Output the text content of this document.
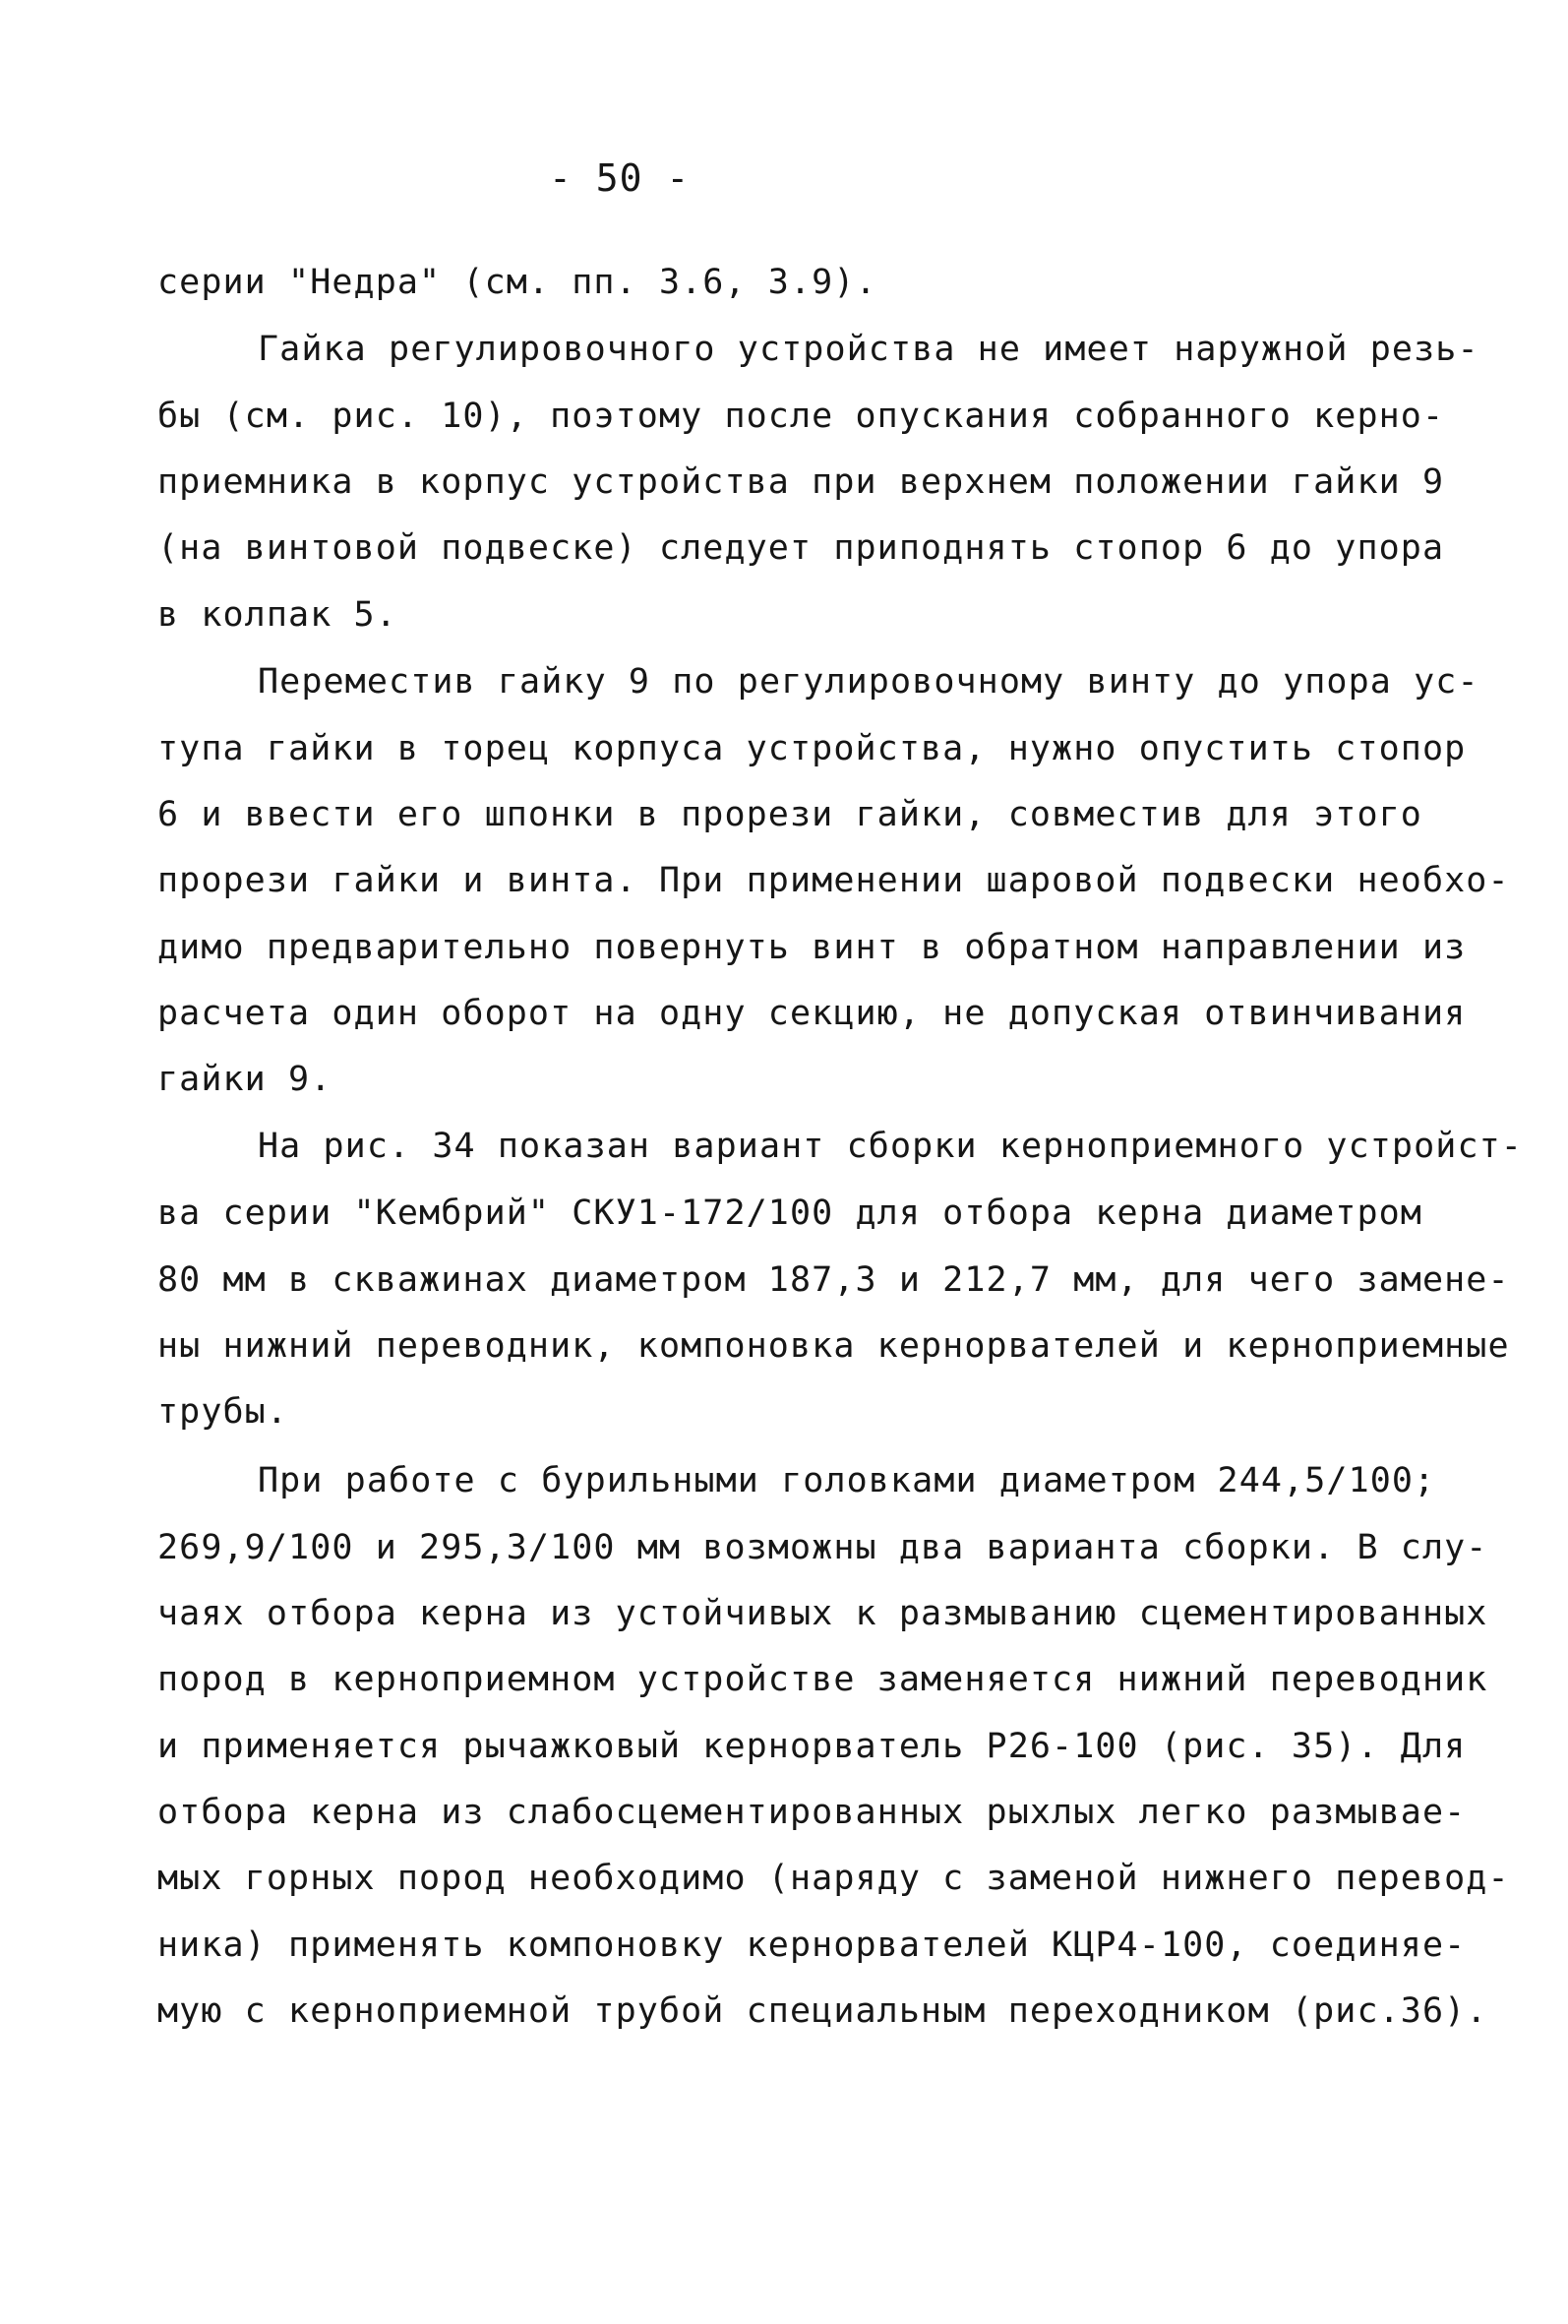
- 50 -
серии "Недра" (см. пп. 3.6, 3.9).
Гайка регулировочного устройства не имеет наружной резь-
бы (см. рис. 10), поэтому после опускания собранного керно-
приемника в корпус устройства при верхнем положении гайки 9
(на винтовой подвеске) следует приподнять стопор 6 до упора
в колпак 5.
Переместив гайку 9 по регулировочному винту до упора ус-
тупа гайки в торец корпуса устройства, нужно опустить стопор
6 и ввести его шпонки в прорези гайки, совместив для этого
прорези гайки и винта. При применении шаровой подвески необхо-
димо предварительно повернуть винт в обратном направлении из
расчета один оборот на одну секцию, не допуская отвинчивания
гайки 9.
На рис. 34 показан вариант сборки керноприемного устройст-
ва серии "Кембрий" СКУ1-172/100 для отбора керна диаметром
80 мм в скважинах диаметром 187,3 и 212,7 мм, для чего замене-
ны нижний переводник, компоновка кернорвателей и керноприемные
трубы.
При работе с бурильными головками диаметром 244,5/100;
269,9/100 и 295,3/100 мм возможны два варианта сборки. В слу-
чаях отбора керна из устойчивых к размыванию сцементированных
пород в керноприемном устройстве заменяется нижний переводник
и применяется рычажковый кернорватель Р26-100 (рис. 35). Для
отбора керна из слабосцементированных рыхлых легко размывае-
мых горных пород необходимо (наряду с заменой нижнего перевод-
ника) применять компоновку кернорвателей КЦР4-100, соединяе-
мую с керноприемной трубой специальным переходником (рис.36).
